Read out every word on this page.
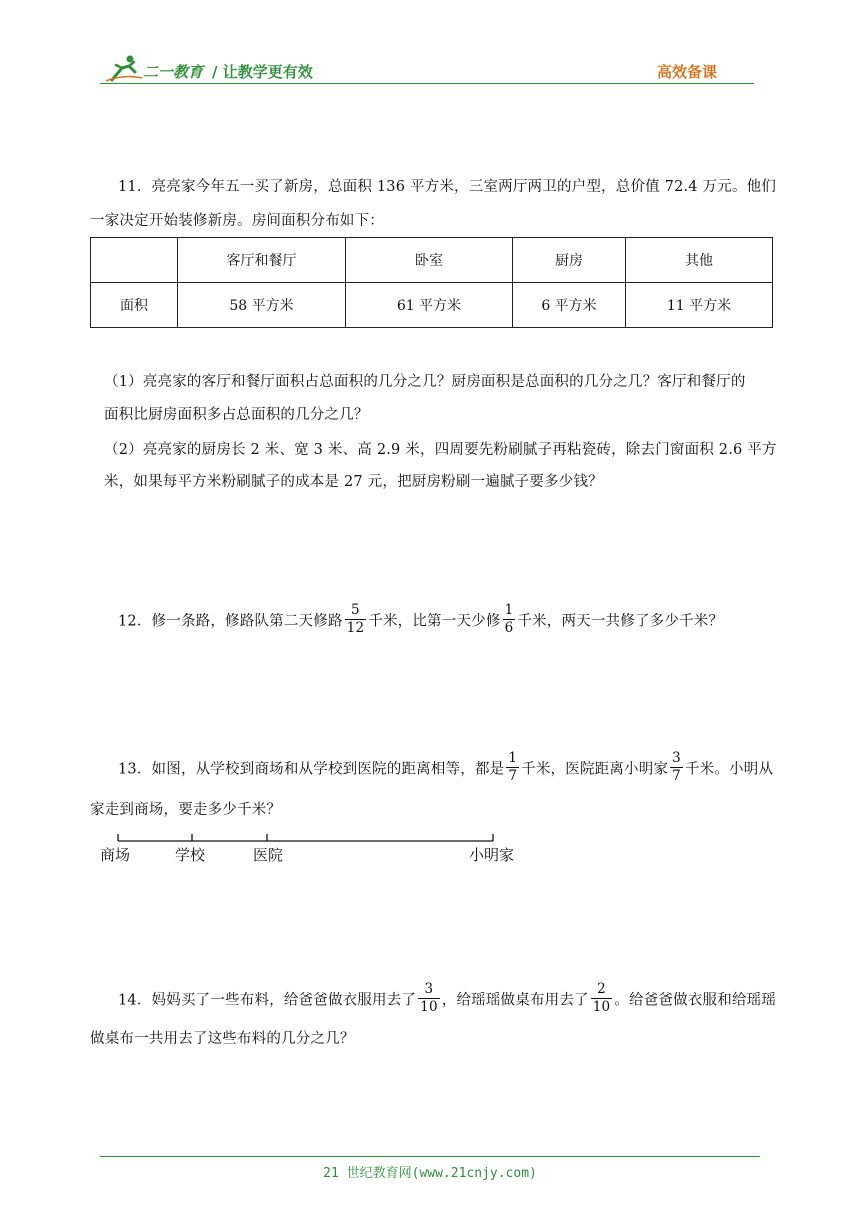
二一教育 / 让教学更有效	高效备课
11．亮亮家今年五一买了新房，总面积 136 平方米，三室两厅两卫的户型，总价值 72.4 万元。他们
一家决定开始装修新房。房间面积分布如下：
	客厅和餐厅	卧室	厨房	其他
面积	58 平方米	61 平方米	6 平方米	11 平方米
（1）亮亮家的客厅和餐厅面积占总面积的几分之几？厨房面积是总面积的几分之几？客厅和餐厅的
面积比厨房面积多占总面积的几分之几？
（2）亮亮家的厨房长 2 米、宽 3 米、高 2.9 米，四周要先粉刷腻子再粘瓷砖，除去门窗面积 2.6 平方
米，如果每平方米粉刷腻子的成本是 27 元，把厨房粉刷一遍腻子要多少钱？
12．修一条路，修路队第二天修路 $\frac{5}{12}$ 千米，比第一天少修 $\frac{1}{6}$ 千米，两天一共修了多少千米？
13．如图，从学校到商场和从学校到医院的距离相等，都是 $\frac{1}{7}$ 千米，医院距离小明家 $\frac{3}{7}$ 千米。小明从
家走到商场，要走多少千米？
商场	学校	医院	小明家
14．妈妈买了一些布料，给爸爸做衣服用去了 $\frac{3}{10}$ ，给瑶瑶做桌布用去了 $\frac{2}{10}$ 。给爸爸做衣服和给瑶瑶
做桌布一共用去了这些布料的几分之几？
21 世纪教育网(www.21cnjy.com)
